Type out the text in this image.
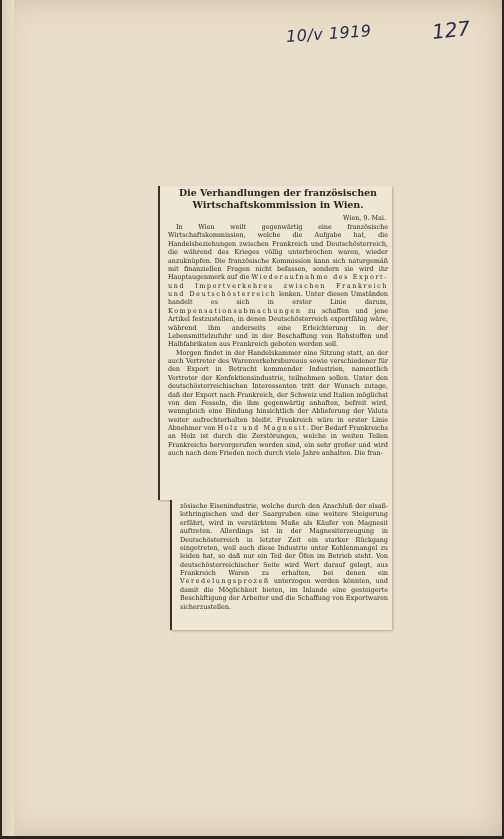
10/v 1919	127
Die Verhandlungen der französischen Wirtschaftskommission in Wien.
Wien, 9. Mai.

In Wien weilt gegenwärtig eine französische Wirtschaftskommission, welche die Aufgabe hat, die Handelsbeziehungen zwischen Frankreich und Deutschösterreich, die während des Krieges völlig unterbrochen waren, wieder anzuknüpfen. Die französische Kommission kann sich naturgemäß mit finanziellen Fragen nicht befassen, sondern sie wird ihr Hauptaugenmerk auf die Wiederaufnahme des Export- und Importverkehres zwischen Frankreich und Deutschösterreich lenken. Unter diesen Umständen handelt es sich in erster Linie darum, Kompensationsabmachungen zu schaffen und jene Artikel festzustellen, in denen Deutschösterreich exportfähig wäre, während ihm anderseits eine Erleichterung in der Lebensmittelzufuhr und in der Beschaffung von Rohstoffen und Halbfabrikaten aus Frankreich geboten werden soll.

Morgen findet in der Handelskammer eine Sitzung statt, an der auch Vertreter des Warenverkehrsbureaus sowie verschiedener für den Export in Betracht kommender Industrien, namentlich Vertreter der Konfektionsindustrie, teilnehmen sollen. Unter den deutschösterreichischen Interessenten tritt der Wunsch zutage, daß der Export nach Frankreich, der Schweiz und Italien möglichst von den Fesseln, die ihm gegenwärtig anhaften, befreit wird, wenngleich eine Bindung hinsichtlich der Ablieferung der Valuta weiter aufrechterhalten bleibt. Frankreich wäre in erster Linie Abnehmer von Holz und Magnesit. Der Bedarf Frankreichs an Holz ist durch die Zerstörungen, welche in weiten Teilen Frankreichs hervorgerufen worden sind, ein sehr großer und wird auch nach dem Frieden noch durch viele Jahre anhalten. Die fran-

zösische Eisenindustrie, welche durch den Anschluß der elsaß-lothringischen und der Saargruben eine weitere Steigerung erfährt, wird in verstärktem Maße als Käufer von Magnesit auftreten. Allerdings ist in der Magnesiterzeugung in Deutschösterreich in letzter Zeit ein starker Rückgang eingetreten, weil auch diese Industrie unter Kohlenmangel zu leiden hat, so daß nur ein Teil der Öfen im Betrieb steht. Von deutschösterreichischer Seite wird Wert darauf gelegt, aus Frankreich Waren zu erhalten, bei denen ein Veredelungsprozeß unterzogen werden könnten, und damit die Möglichkeit bieten, im Inlande eine gesteigerte Beschäftigung der Arbeiter und die Schaffung von Exportwaren sicherzustellen.
